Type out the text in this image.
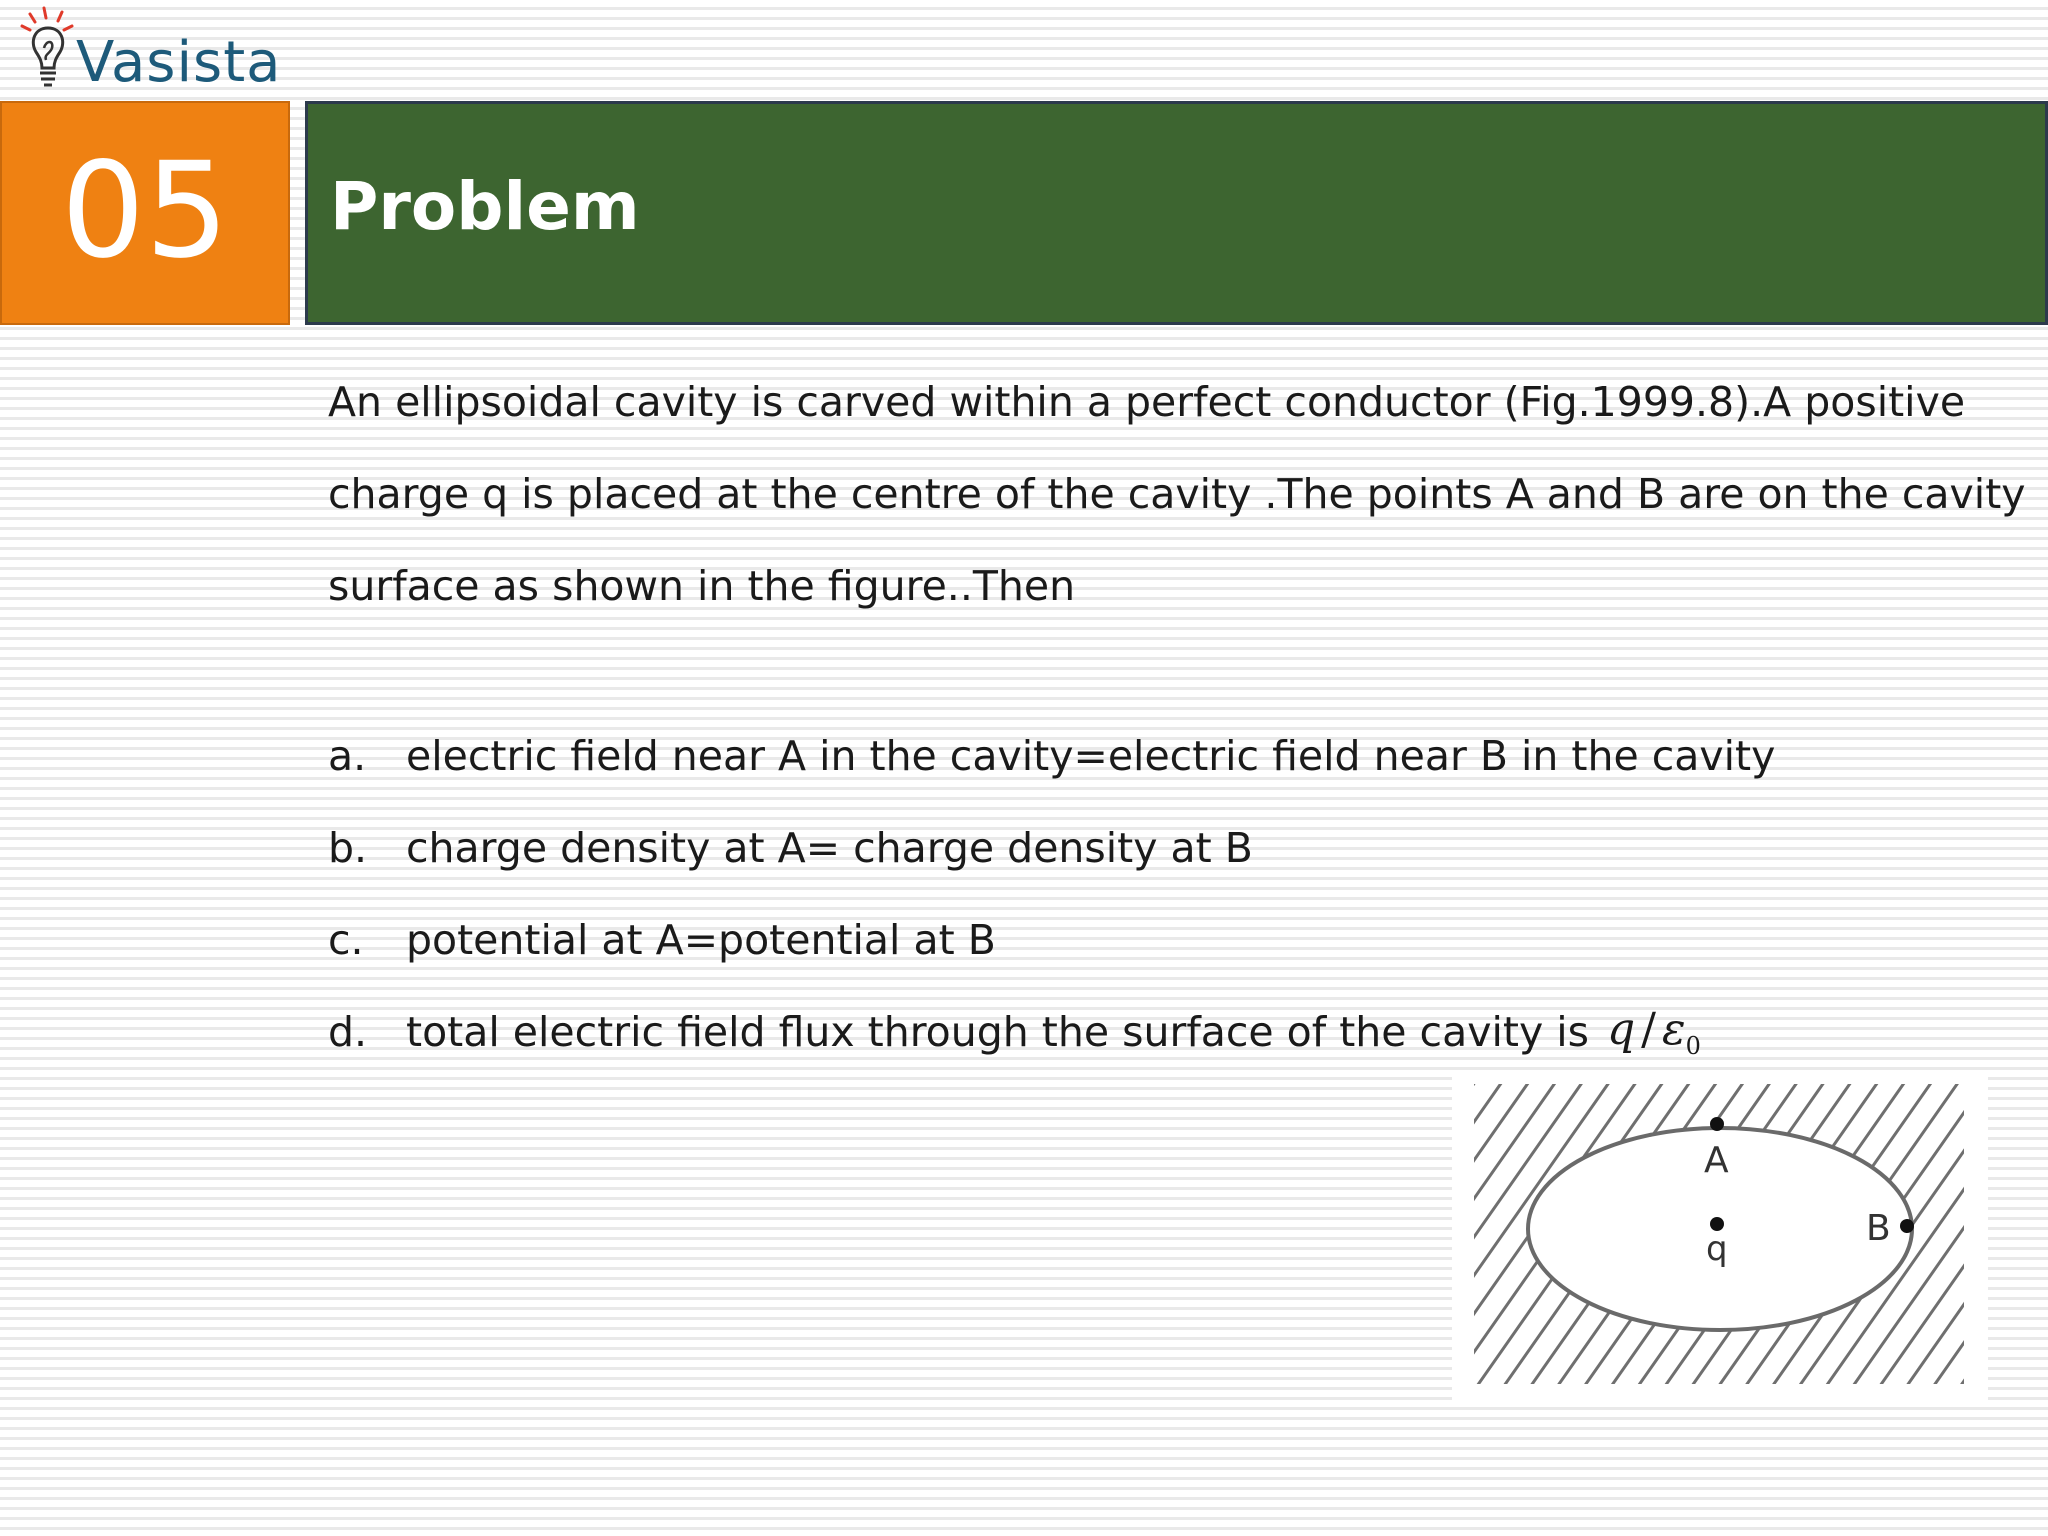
Vasista
05	Problem
An ellipsoidal cavity is carved within a perfect conductor (Fig.1999.8).A positive charge q is placed at the centre of the cavity .The points A and B are on the cavity surface as shown in the figure..Then
a. electric field near A in the cavity=electric field near B in the cavity
b. charge density at A= charge density at B
c.	potential at A=potential at B
d. total electric field flux through the surface of the cavity is q / $\varepsilon_0$
A
q	B
